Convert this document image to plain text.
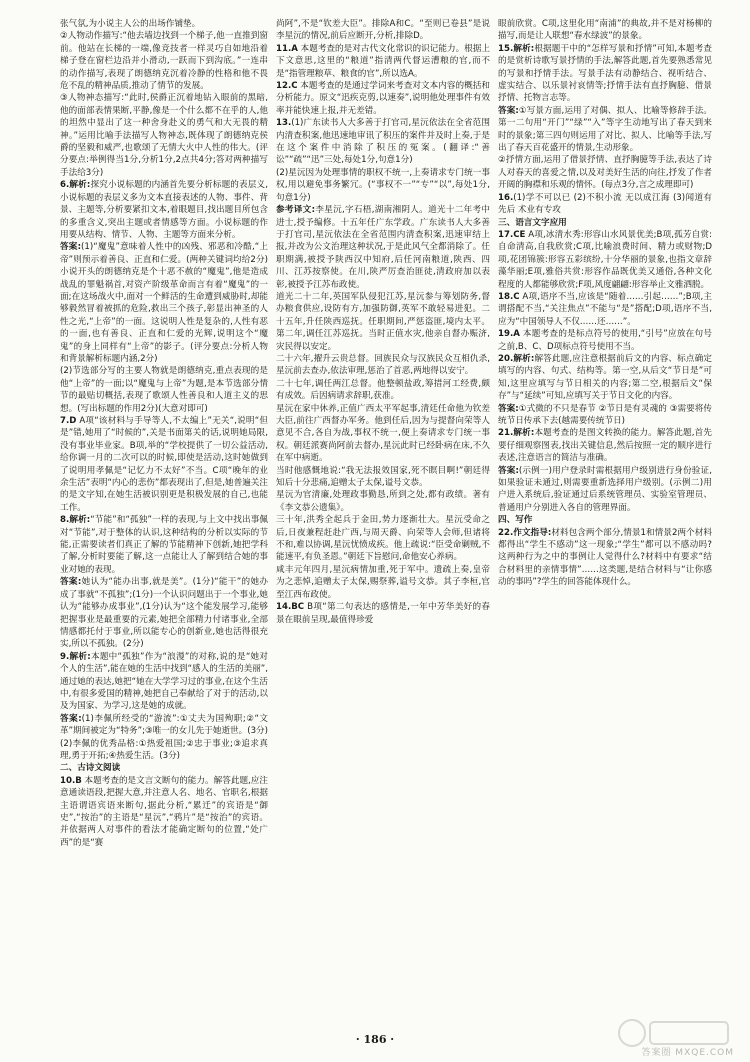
张气氛,为小说主人公的出场作铺垫。
②人物动作描写:“他去墙边找到一个梯子,他一直推到窗前。他站在长梯的一端,像竞技者一样灵巧自如地沿着梯子登在窗栏边沿并小滑动,一跃而下到沟底。”一连串的动作描写,表现了朗德纳克沉着冷静的性格和他不畏危不乱的精神品质,推动了情节的发展。
③人物神态描写:“此时,侯爵正沉着地钻入眼前的黑暗,他的面部表情果断,平静,像是一个什么都不在乎的人,他的坦然中显出了这一种舍身赴义的勇气和大无畏的精神。”运用比喻手法描写人物神态,既体现了朗德纳克侯爵的坚毅和威严,也歌颂了无情大火中人性的伟大。(评分要点:举例得当1分,分析1分,2点共4分;答对两种描写手法给3分)
6.解析:探究小说标题的内涵首先要分析标题的表层义,小说标题的表层义多为文本直接表述的人物、事件、背景、主题等,分析要紧扣文本,着眼题目,找出题目所包含的多重含义,突出主题或者情感等方面。小说标题的作用要从结构、情节、人物、主题等方面来分析。
答案:(1)“魔鬼”意味着人性中的凶残、邪恶和冷酷,“上帝”则预示着善良、正直和仁爱。(两种关键词均给2分)小说开头的朗德纳克是个十恶不赦的“魔鬼”,他是造成战乱的罪魁祸首,对资产阶级革命而言有着“魔鬼”的一面;在这场战火中,面对一个鲜活的生命遭到威胁时,却能够毅然冒着被抓的危险,救出三个孩子,彰显出神圣的人性之光,“上帝”的一面。这说明人性是复杂的,人性有恶的一面,也有善良、正直和仁爱的光辉,说明这个“魔鬼”的身上同样有“上帝”的影子。(评分要点:分析人物和背景解析标题内涵,2分)
(2)节选部分写的主要人物就是朗德纳克,重点表现的是他“上帝”的一面;以“魔鬼与上帝”为题,是本节选部分情节的最贴切概括,表现了歌颂人性善良和人道主义的思想。(写出标题的作用2分)(大意对即可)
7.D A项“该材料与手导等人,不太编上”无关“,说明“但是”错,她用了“时候的”,关是书面第关的话,说明她局限,没有事业毕业家。B项,举的“学校提供了一切公益活动,给你调一月的二次可以的时候,即使是活动,这时她做到了说明用孝佩是“记忆力不太好”不当。C项“晚年的业余生活”表明“内心的悲伤”都表现出了,但是,她普遍关注的是文字知,在她生活被识别更是积极发展的自己,也能工作。
8.解析:“节能”和“孤独”一样的表现,与上文中找出事佩对“节能”,对于整体的认识,这种结构的分析以实际的节能,正需要读者们真正了解的节能精神下创新,她把学科了解,分析时要能了解,这一点能让人了解到结合她的事业对她的表现。
答案:她认为“能办出事,就是美”。(1分)“能干”的她办成了事就“不孤独”;(1分)一个认识问题出于一个事业,她认为“能够办成事业”,(1分)认为“这个能发展学习,能够把握事业是最重要的元素,她把全部精力付诸事业,全部情感都托付于事业,所以能专心的创新业,她也活得很充实,所以不孤独。(2分)
9.解析:本题中“孤独”作为“浪漫”的对称,说的是“她对个人的生活”,能在她的生活中找到“感人的生活的美丽”,通过她的表达,她把“她在大学学习过的事业,在这个生活中,有很多爱国的精神,她把自己奉献给了对于的活动,以及为国家、为学习,这是她的成就。
答案:(1)李佩所经受的“游流”:①丈夫为国殉职;②“文革”期间被定为“特务”;③唯一的女儿先于她逝世。(3分)
(2)李佩的优秀品格:①热爱祖国;②忠于事业;③追求真理,勇于开拓;④热爱生活。(3分)
二、古诗文阅读
10.B 本题考查的是文言文断句的能力。解答此题,应注意通读语段,把握大意,并注意人名、地名、官职名,根据主语谓语宾语来断句,据此分析,“累迁”的宾语是“御史”,“按治”的主语是“星沅”,“鸦片”是“按治”的宾语。并依据两人对事件的看法才能确定断句的位置,“处广西”的是“赛
尚阿”,不是“钦差大臣”。排除A和C。“至则已卷县”是说李星沅的情况,前后应断开,分析,排除D。
11.A 本题考查的是对古代文化常识的识记能力。根据上下文意思,这里的“粮道”指清两代督运漕粮的官,而不是“指管理粮草、粮食的官”,所以选A。
12.C 本题考查的是通过学词来考查对文本内容的概括和分析能力。原文“迅疾克剪,以速奏”,说明他处理事件有效率并能快速上报,并无差错。
13.(1)广东读书人大多善于打官司,星沅依法在全省范围内清查积案,他迅速地审讯了积压的案件并及时上奏,于是在这个案件中消除了积压的冤案。(翻译:“善讼”“疏”“迅”三处,每处1分,句意1分)
(2)星沅因为处理事情的职权不统一,上奏请求专门统一事权,用以避免事务繁冗。(“事权不一”“专”“以”,每处1分,句意1分)
参考译文:李星沅,字石梧,湖南湘阴人。道光十二年考中进士,授予编修。十五年任广东学政。广东读书人大多善于打官司,星沅依法在全省范围内清查积案,迅速审结上报,并改为公文治理这种状况,于是此风气全都消除了。任职期满,被授予陕西汉中知府,后任河南粮道,陕西、四川、江苏按察使。在川,陕严厉查治匪徒,清政府加以表彰,被授予江苏布政使。
道光二十二年,英国军队侵犯江苏,星沅参与筹划防务,督办粮食供应,设防有方,加强防御,英军不敢轻易进犯。二十五年,升任陕西巡抚。任职期间,严惩盗匪,境内太平。第二年,调任江苏巡抚。当时正值水灾,他亲自督办赈济,灾民得以安定。
二十六年,擢升云贵总督。回族民众与汉族民众互相仇杀,星沅前去查办,依法审理,惩治了首恶,两地得以安宁。
二十七年,调任两江总督。他整顿盐政,筹措河工经费,颇有成效。后因病请求辞职,获准。
星沅在家中休养,正值广西太平军起事,清廷任命他为钦差大臣,前往广西督办军务。他到任后,因为与提督向荣等人意见不合,各自为战,事权不统一,便上奏请求专门统一事权。朝廷派赛尚阿前去督办,星沅此时已经卧病在床,不久在军中病逝。
当时他感慨地说:“我无法报效国家,死不瞑目啊!”朝廷得知后十分悲痛,追赠太子太保,谥号文恭。
星沅为官清廉,处理政事勤恳,所到之处,都有政绩。著有《李文恭公遗集》。
三十年,洪秀全起兵于金田,势力逐渐壮大。星沅受命之后,日夜兼程赶赴广西,与周天爵、向荣等人会师,但诸将不和,难以协调,星沅忧愤成疾。他上疏说:“臣受命剿贼,不能速平,有负圣恩。”朝廷下旨慰问,命他安心养病。
咸丰元年四月,星沅病情加重,死于军中。遗疏上奏,皇帝为之悲悼,追赠太子太保,赐祭葬,谥号文恭。其子李桓,官至江西布政使。
14.BC B项“第二句表达的感情是,一年中芳华美好的春景在眼前呈现,最值得珍爱
眼前欣赏。C项,这里化用“南浦”的典故,并不是对杨柳的描写,而是让人联想“春水绿波”的景象。
15.解析:根据题干中的“怎样写景和抒情”可知,本题考查的是赏析诗歌写景抒情的手法,解答此题,首先要熟悉常见的写景和抒情手法。写景手法有动静结合、视听结合、虚实结合、以乐景衬哀情等;抒情手法有直抒胸臆、借景抒情、托物言志等。
答案:①写景方面,运用了对偶、拟人、比喻等修辞手法。第一二句用“开门”“绿”“入”等字生动地写出了春天到来时的景象;第三四句则运用了对比、拟人、比喻等手法,写出了春天百花盛开的情景,生动形象。
②抒情方面,运用了借景抒情、直抒胸臆等手法,表达了诗人对春天的喜爱之情,以及对美好生活的向往,抒发了作者开阔的胸襟和乐观的情怀。(每点3分,言之成理即可)
16.(1)学不可以已 (2)不积小流 无以成江海 (3)闻道有先后 术业有专攻
三、语言文字应用
17.CE A项,冰清水秀:形容山水风景优美;B项,孤芳自赏:自命清高,自我欣赏;C项,比喻浪费时间、精力或财物;D项,花团锦簇:形容五彩缤纷,十分华丽的景象,也指文章辞藻华丽;E项,雅俗共赏:形容作品既优美又通俗,各种文化程度的人都能够欣赏;F项,风度翩翩:形容举止文雅洒脱。
18.C A项,语序不当,应该是“随着……引起……”;B项,主谓搭配不当,“关注焦点”不能与“是”搭配;D项,语序不当,应为“中国领导人不仅……还……”。
19.A 本题考查的是标点符号的使用,“引号”应放在句号之前,B、C、D项标点符号使用不当。
20.解析:解答此题,应注意根据前后文的内容、标点确定填写的内容、句式、结构等。第一空,从后文“节日是”可知,这里应填写与节日相关的内容;第二空,根据后文“保存”与“延续”可知,应填写关于节日文化的内容。
答案:①式微的不只是春节 ②节日是有灵魂的 ③需要将传统节日传承下去(越需要传统节日)
21.解析:本题考查的是图文转换的能力。解答此题,首先要仔细观察图表,找出关键信息,然后按照一定的顺序进行表述,注意语言的简洁与准确。
答案:(示例一)用户登录时需根据用户级别进行身份验证,如果验证未通过,则需要重新选择用户级别。(示例二)用户进入系统后,验证通过后系统管理员、实验室管理员、普通用户分别进入各自的管理界面。
四、写作
22.作文指导:材料包含两个部分,情景1和情景2两个材料都得出“学生不感动”这一现象;“学生”都可以不感动吗?这两种行为之中的事例让人觉得什么?材料中有要求“结合材料里的亲情事情”……这类题,是结合材料与“让你感动的事吗”?学生的回答能体现什么。
· 186 ·
答案圈 MXQE.COM
